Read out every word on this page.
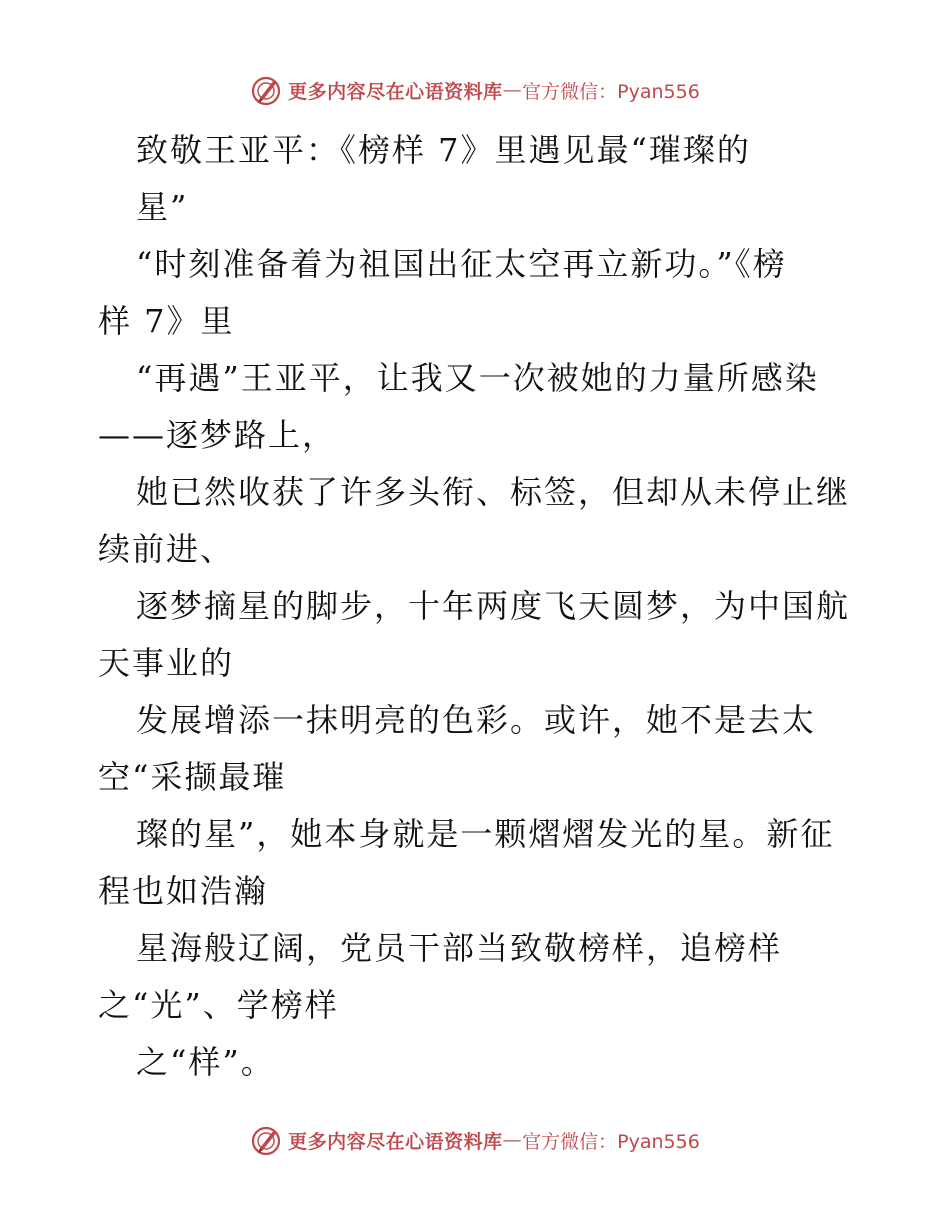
更多内容尽在心语资料库 — 官方微信：Pyan556
致敬王亚平：《榜样 7》里遇见最“璀璨的
星”
“时刻准备着为祖国出征太空再立新功。”《榜
样 7》里
“再遇”王亚平，让我又一次被她的力量所感染
——逐梦路上，
她已然收获了许多头衔、标签，但却从未停止继
续前进、
逐梦摘星的脚步，十年两度飞天圆梦，为中国航
天事业的
发展增添一抹明亮的色彩。或许，她不是去太
空“采撷最璀
璨的星”，她本身就是一颗熠熠发光的星。新征
程也如浩瀚
星海般辽阔，党员干部当致敬榜样，追榜样
之“光”、学榜样
之“样”。
更多内容尽在心语资料库 — 官方微信：Pyan556
